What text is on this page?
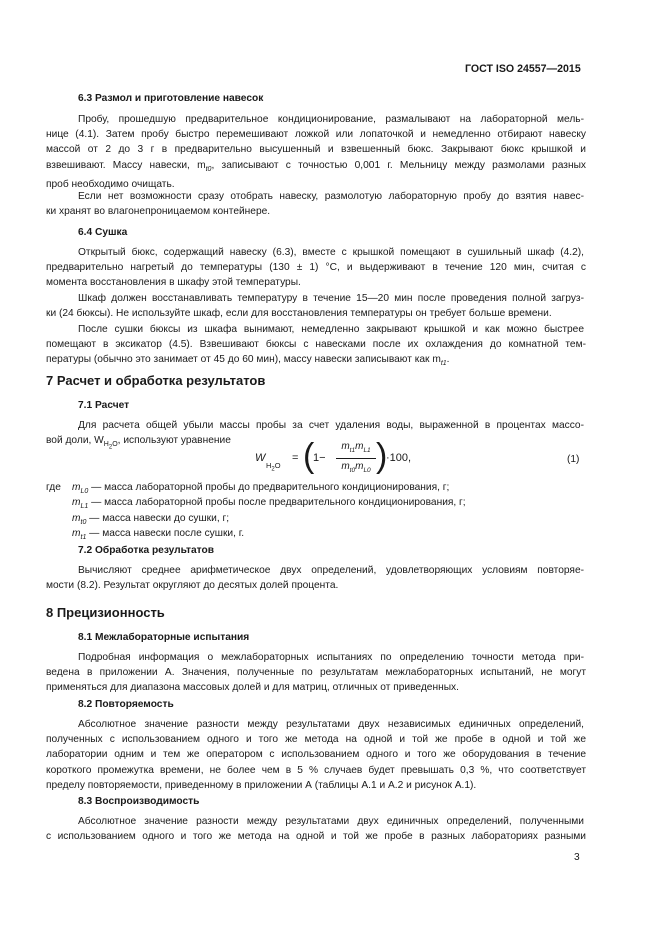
ГОСТ ISO 24557—2015
6.3 Размол и приготовление навесок
Пробу, прошедшую предварительное кондиционирование, размалывают на лабораторной мель-
нице (4.1). Затем пробу быстро перемешивают ложкой или лопаточкой и немедленно отбирают навеску
массой от 2 до 3 г в предварительно высушенный и взвешенный бюкс. Закрывают бюкс крышкой и
взвешивают. Массу навески, $m_{t0}$, записывают с точностью 0,001 г. Мельницу между размолами разных
проб необходимо очищать.
Если нет возможности сразу отобрать навеску, размолотую лабораторную пробу до взятия навес-
ки хранят во влагонепроницаемом контейнере.
6.4 Сушка
Открытый бюкс, содержащий навеску (6.3), вместе с крышкой помещают в сушильный шкаф (4.2),
предварительно нагретый до температуры (130 ± 1) °С, и выдерживают в течение 120 мин, считая с
момента восстановления в шкафу этой температуры.
Шкаф должен восстанавливать температуру в течение 15—20 мин после проведения полной загруз-
ки (24 бюксы). Не используйте шкаф, если для восстановления температуры он требует больше времени.
После сушки бюксы из шкафа вынимают, немедленно закрывают крышкой и как можно быстрее
помещают в эксикатор (4.5). Взвешивают бюксы с навесками после их охлаждения до комнатной тем-
пературы (обычно это занимает от 45 до 60 мин), массу навески записывают как $m_{t1}$.
7 Расчет и обработка результатов
7.1 Расчет
Для расчета общей убыли массы пробы за счет удаления воды, выраженной в процентах массо-
вой доли, $W_{H_2O}$, используют уравнение
W
$H_2O$
= (
1−
$m_{t1}m_{L1}$
$m_{t0}m_{L0}$ )
·100,	(1)
где $m_{L0}$ — масса лабораторной пробы до предварительного кондиционирования, г;
$m_{L1}$ — масса лабораторной пробы после предварительного кондиционирования, г;
$m_{t0}$ — масса навески до сушки, г;
$m_{t1}$ — масса навески после сушки, г.
7.2 Обработка результатов
Вычисляют среднее арифметическое двух определений, удовлетворяющих условиям повторяе-
мости (8.2). Результат округляют до десятых долей процента.
8 Прецизионность
8.1 Межлабораторные испытания
Подробная информация о межлабораторных испытаниях по определению точности метода при-
ведена в приложении А. Значения, полученные по результатам межлабораторных испытаний, не могут
применяться для диапазона массовых долей и для матриц, отличных от приведенных.
8.2 Повторяемость
Абсолютное значение разности между результатами двух независимых единичных определений,
полученных с использованием одного и того же метода на одной и той же пробе в одной и той же
лаборатории одним и тем же оператором с использованием одного и того же оборудования в течение
короткого промежутка времени, не более чем в 5 % случаев будет превышать 0,3 %, что соответствует
пределу повторяемости, приведенному в приложении А (таблицы А.1 и А.2 и рисунок А.1).
8.3 Воспроизводимость
Абсолютное значение разности между результатами двух единичных определений, полученными
с использованием одного и того же метода на одной и той же пробе в разных лабораториях разными
3
